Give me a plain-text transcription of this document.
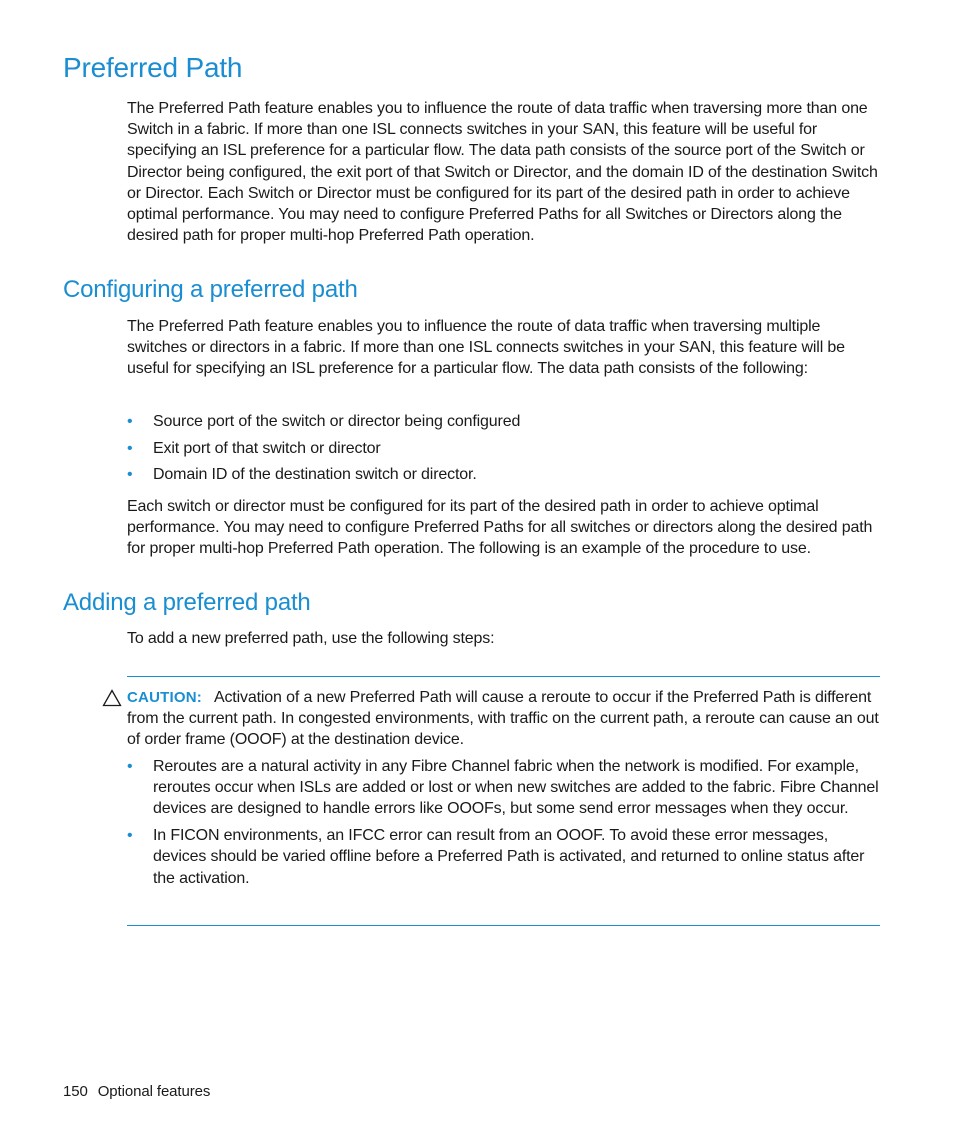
Preferred Path

The Preferred Path feature enables you to influence the route of data traffic when traversing more than one Switch in a fabric. If more than one ISL connects switches in your SAN, this feature will be useful for specifying an ISL preference for a particular flow. The data path consists of the source port of the Switch or Director being configured, the exit port of that Switch or Director, and the domain ID of the destination Switch or Director. Each Switch or Director must be configured for its part of the desired path in order to achieve optimal performance. You may need to configure Preferred Paths for all Switches or Directors along the desired path for proper multi-hop Preferred Path operation.

Configuring a preferred path

The Preferred Path feature enables you to influence the route of data traffic when traversing multiple switches or directors in a fabric. If more than one ISL connects switches in your SAN, this feature will be useful for specifying an ISL preference for a particular flow. The data path consists of the following:

• Source port of the switch or director being configured
• Exit port of that switch or director
• Domain ID of the destination switch or director.

Each switch or director must be configured for its part of the desired path in order to achieve optimal performance. You may need to configure Preferred Paths for all switches or directors along the desired path for proper multi-hop Preferred Path operation. The following is an example of the procedure to use.

Adding a preferred path

To add a new preferred path, use the following steps:

CAUTION: Activation of a new Preferred Path will cause a reroute to occur if the Preferred Path is different from the current path. In congested environments, with traffic on the current path, a reroute can cause an out of order frame (OOOF) at the destination device.

• Reroutes are a natural activity in any Fibre Channel fabric when the network is modified. For example, reroutes occur when ISLs are added or lost or when new switches are added to the fabric. Fibre Channel devices are designed to handle errors like OOOFs, but some send error messages when they occur.
• In FICON environments, an IFCC error can result from an OOOF. To avoid these error messages, devices should be varied offline before a Preferred Path is activated, and returned to online status after the activation.
150 Optional features
